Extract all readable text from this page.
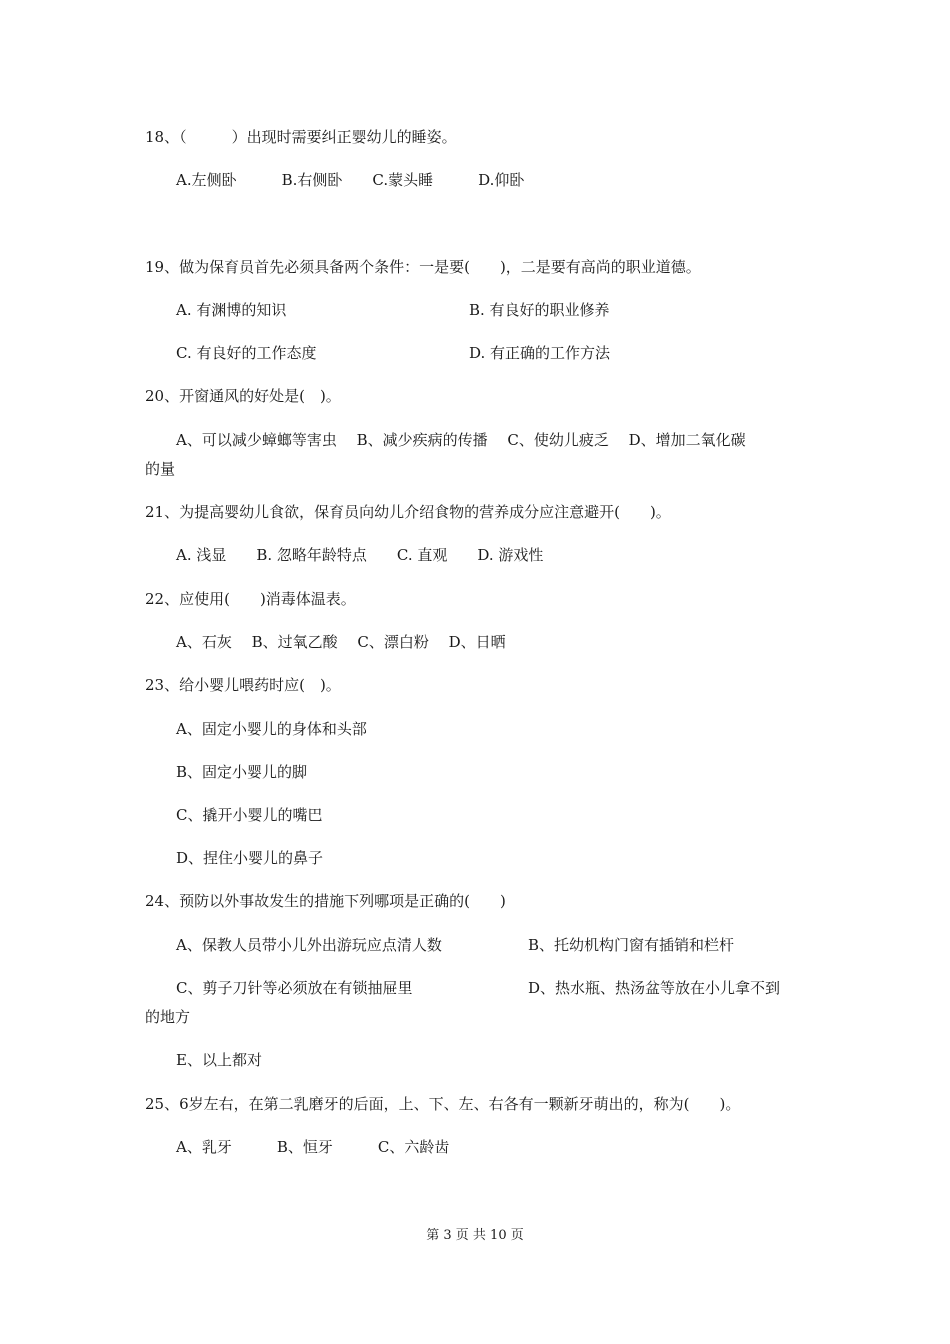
18、（　　　）出现时需要纠正婴幼儿的睡姿。
A.左侧卧　　　B.右侧卧　　C.蒙头睡　　　D.仰卧
19、做为保育员首先必须具备两个条件：一是要(　　)，二是要有高尚的职业道德。
A. 有渊博的知识	B. 有良好的职业修养
C. 有良好的工作态度	D. 有正确的工作方法
20、开窗通风的好处是(　)。
A、可以减少蟑螂等害虫　 B、减少疾病的传播　 C、使幼儿疲乏　 D、增加二氧化碳
的量
21、为提高婴幼儿食欲，保育员向幼儿介绍食物的营养成分应注意避开(　　)。
A. 浅显　　B. 忽略年龄特点　　C. 直观　　D. 游戏性
22、应使用(　　)消毒体温表。
A、石灰　 B、过氧乙酸　 C、漂白粉　 D、日晒
23、给小婴儿喂药时应(　)。
A、固定小婴儿的身体和头部
B、固定小婴儿的脚
C、撬开小婴儿的嘴巴
D、捏住小婴儿的鼻子
24、预防以外事故发生的措施下列哪项是正确的(　　)
A、保教人员带小儿外出游玩应点清人数	B、托幼机构门窗有插销和栏杆
C、剪子刀针等必须放在有锁抽屉里	D、热水瓶、热汤盆等放在小儿拿不到
的地方
E、以上都对
25、6岁左右，在第二乳磨牙的后面，上、下、左、右各有一颗新牙萌出的，称为(　　)。
A、乳牙　　　B、恒牙　　　C、六龄齿
第 3 页 共 10 页
